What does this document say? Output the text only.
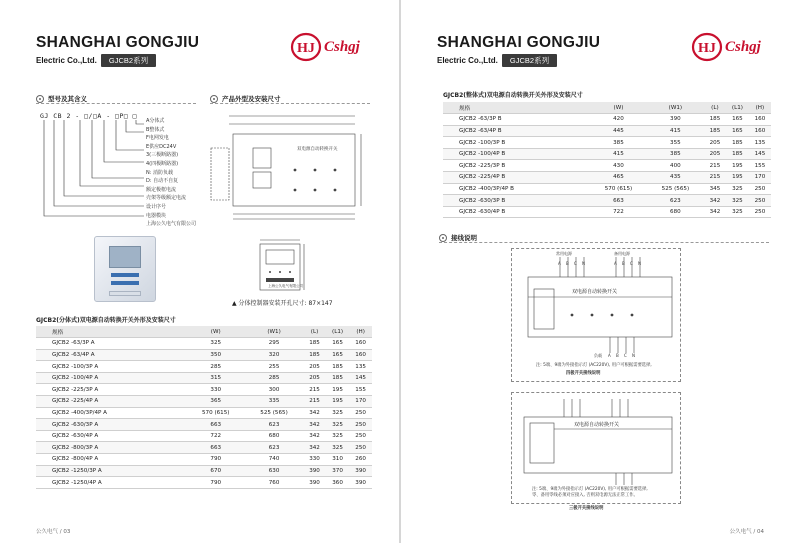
SHANGHAI GONGJIU
Electric Co.,Ltd.	GJCB2系列
HJ Cshgj
型号及其含义
GJ CB 2 - □/□A - □P□ □
A分体式
B整体式
F电网发电
E供应DC24V
3(三极断路器)
4(四极断路器)
N: 消防负载
D: 自动不自复
额定极框电流
壳架等级额定电流
设计序号
电器模块
上海公久电气有限公司
产品外型及安装尺寸
双电源自动转换开关
上海公久电气有限公司
▲ 分体控制器安装开孔尺寸: 87×147
GJCB2(分体式)双电源自动转换开关外形及安装尺寸
规格	(W)	(W1)	(L)	(L1)	(H)
GJCB2 -63/3P A	325	295	185	165	160
GJCB2 -63/4P A	350	320	185	165	160
GJCB2 -100/3P A	285	255	205	185	135
GJCB2 -100/4P A	315	285	205	185	145
GJCB2 -225/3P A	330	300	215	195	155
GJCB2 -225/4P A	365	335	215	195	170
GJCB2 -400/3P/4P A	570 (615)	525 (565)	342	325	250
GJCB2 -630/3P A	663	623	342	325	250
GJCB2 -630/4P A	722	680	342	325	250
GJCB2 -800/3P A	663	623	342	325	250
GJCB2 -800/4P A	790	740	330	310	260
GJCB2 -1250/3P A	670	630	390	370	390
GJCB2 -1250/4P A	790	760	390	360	390
公久电气 / 03
SHANGHAI GONGJIU
Electric Co.,Ltd.	GJCB2系列
HJ Cshgj
GJCB2(整体式)双电源自动转换开关外形及安装尺寸
规格	(W)	(W1)	(L)	(L1)	(H)
GJCB2 -63/3P B	420	390	185	165	160
GJCB2 -63/4P B	445	415	185	165	160
GJCB2 -100/3P B	385	355	205	185	135
GJCB2 -100/4P B	415	385	205	185	145
GJCB2 -225/3P B	430	400	215	195	155
GJCB2 -225/4P B	465	435	215	195	170
GJCB2 -400/3P/4P B	570 (615)	525 (565)	345	325	250
GJCB2 -630/3P B	663	623	342	325	250
GJCB2 -630/4P B	722	680	342	325	250
接线说明
双电源自动转换开关
常用电源	备用电源
A B C N	A B C N
负载 A B C N
注: 5端、9端为外接指示灯 (AC220V), 用户可根据需要选择,
四极开关接线说明
双电源自动转换开关
注: 5端、9端为外接指示灯 (AC220V), 用户可根据需要选择,
零、备用零线必须对应接入, 否则双电源无法正常工作。
三极开关接线说明
公久电气 / 04
